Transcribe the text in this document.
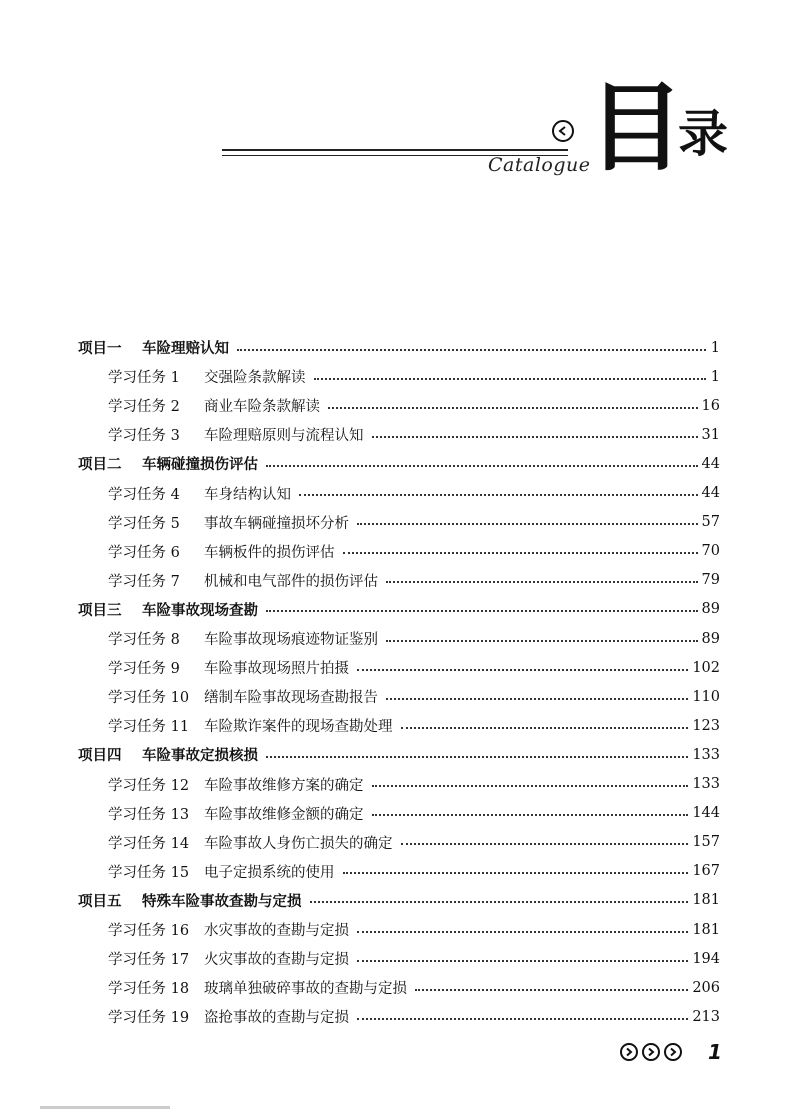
Catalogue
目
录
项目一 车险理赔认知	1
学习任务 1 交强险条款解读	1
学习任务 2 商业车险条款解读	16
学习任务 3 车险理赔原则与流程认知	31
项目二 车辆碰撞损伤评估	44
学习任务 4 车身结构认知	44
学习任务 5 事故车辆碰撞损坏分析	57
学习任务 6 车辆板件的损伤评估	70
学习任务 7 机械和电气部件的损伤评估	79
项目三 车险事故现场查勘	89
学习任务 8 车险事故现场痕迹物证鉴别	89
学习任务 9 车险事故现场照片拍摄	102
学习任务 10 缮制车险事故现场查勘报告	110
学习任务 11 车险欺诈案件的现场查勘处理	123
项目四 车险事故定损核损	133
学习任务 12 车险事故维修方案的确定	133
学习任务 13 车险事故维修金额的确定	144
学习任务 14 车险事故人身伤亡损失的确定	157
学习任务 15 电子定损系统的使用	167
项目五 特殊车险事故查勘与定损	181
学习任务 16 水灾事故的查勘与定损	181
学习任务 17 火灾事故的查勘与定损	194
学习任务 18 玻璃单独破碎事故的查勘与定损	206
学习任务 19 盗抢事故的查勘与定损	213
1
